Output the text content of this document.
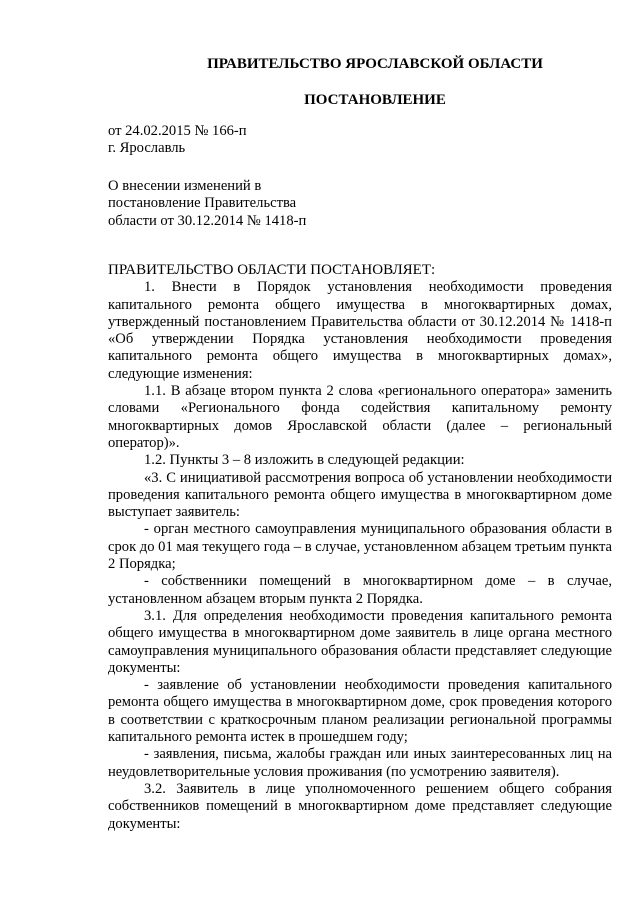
ПРАВИТЕЛЬСТВО ЯРОСЛАВСКОЙ ОБЛАСТИ
ПОСТАНОВЛЕНИЕ
от 24.02.2015 № 166-п
г. Ярославль
О внесении изменений в
постановление Правительства
области от 30.12.2014 № 1418-п

ПРАВИТЕЛЬСТВО ОБЛАСТИ ПОСТАНОВЛЯЕТ:

1. Внести в Порядок установления необходимости проведения капитального ремонта общего имущества в многоквартирных домах, утвержденный постановлением Правительства области от 30.12.2014 № 1418-п «Об утверждении Порядка установления необходимости проведения капитального ремонта общего имущества в многоквартирных домах», следующие изменения:

1.1. В абзаце втором пункта 2 слова «регионального оператора» заменить словами «Регионального фонда содействия капитальному ремонту многоквартирных домов Ярославской области (далее – региональный оператор)».

1.2. Пункты 3 – 8 изложить в следующей редакции:

«3. С инициативой рассмотрения вопроса об установлении необходимости проведения капитального ремонта общего имущества в многоквартирном доме выступает заявитель:

- орган местного самоуправления муниципального образования области в срок до 01 мая текущего года – в случае, установленном абзацем третьим пункта 2 Порядка;

- собственники помещений в многоквартирном доме – в случае, установленном абзацем вторым пункта 2 Порядка.

3.1. Для определения необходимости проведения капитального ремонта общего имущества в многоквартирном доме заявитель в лице органа местного самоуправления муниципального образования области представляет следующие документы:

- заявление об установлении необходимости проведения капитального ремонта общего имущества в многоквартирном доме, срок проведения которого в соответствии с краткосрочным планом реализации региональной программы капитального ремонта истек в прошедшем году;

- заявления, письма, жалобы граждан или иных заинтересованных лиц на неудовлетворительные условия проживания (по усмотрению заявителя).

3.2. Заявитель в лице уполномоченного решением общего собрания собственников помещений в многоквартирном доме представляет следующие документы:
